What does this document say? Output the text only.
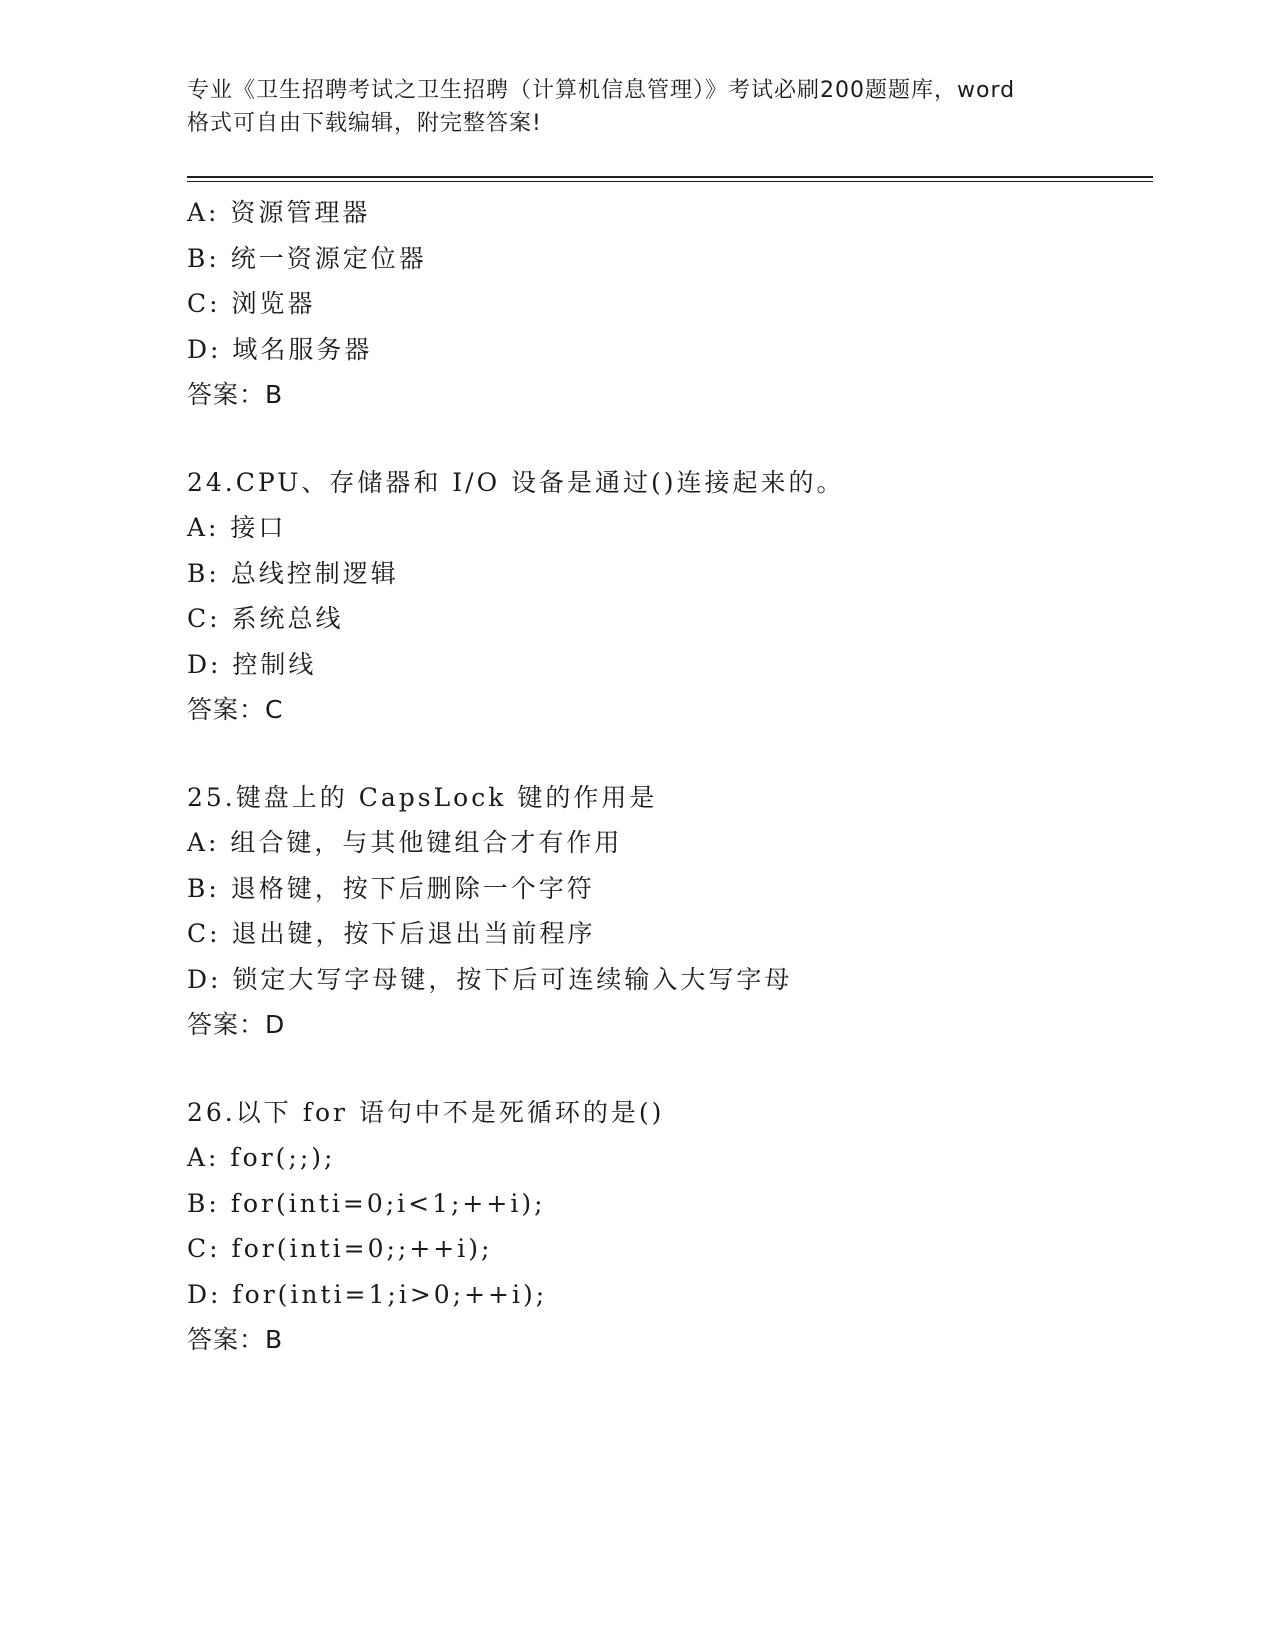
专业《卫生招聘考试之卫生招聘（计算机信息管理）》考试必刷200题题库，word
格式可自由下载编辑，附完整答案!
A: 资源管理器
B: 统一资源定位器
C: 浏览器
D: 域名服务器
答案：B
24.CPU、存储器和 I/O 设备是通过()连接起来的。
A: 接口
B: 总线控制逻辑
C: 系统总线
D: 控制线
答案：C
25.键盘上的 CapsLock 键的作用是
A: 组合键，与其他键组合才有作用
B: 退格键，按下后删除一个字符
C: 退出键，按下后退出当前程序
D: 锁定大写字母键，按下后可连续输入大写字母
答案：D
26.以下 for 语句中不是死循环的是()
A: for(;;);
B: for(inti=0;i<1;++i);
C: for(inti=0;;++i);
D: for(inti=1;i>0;++i);
答案：B
